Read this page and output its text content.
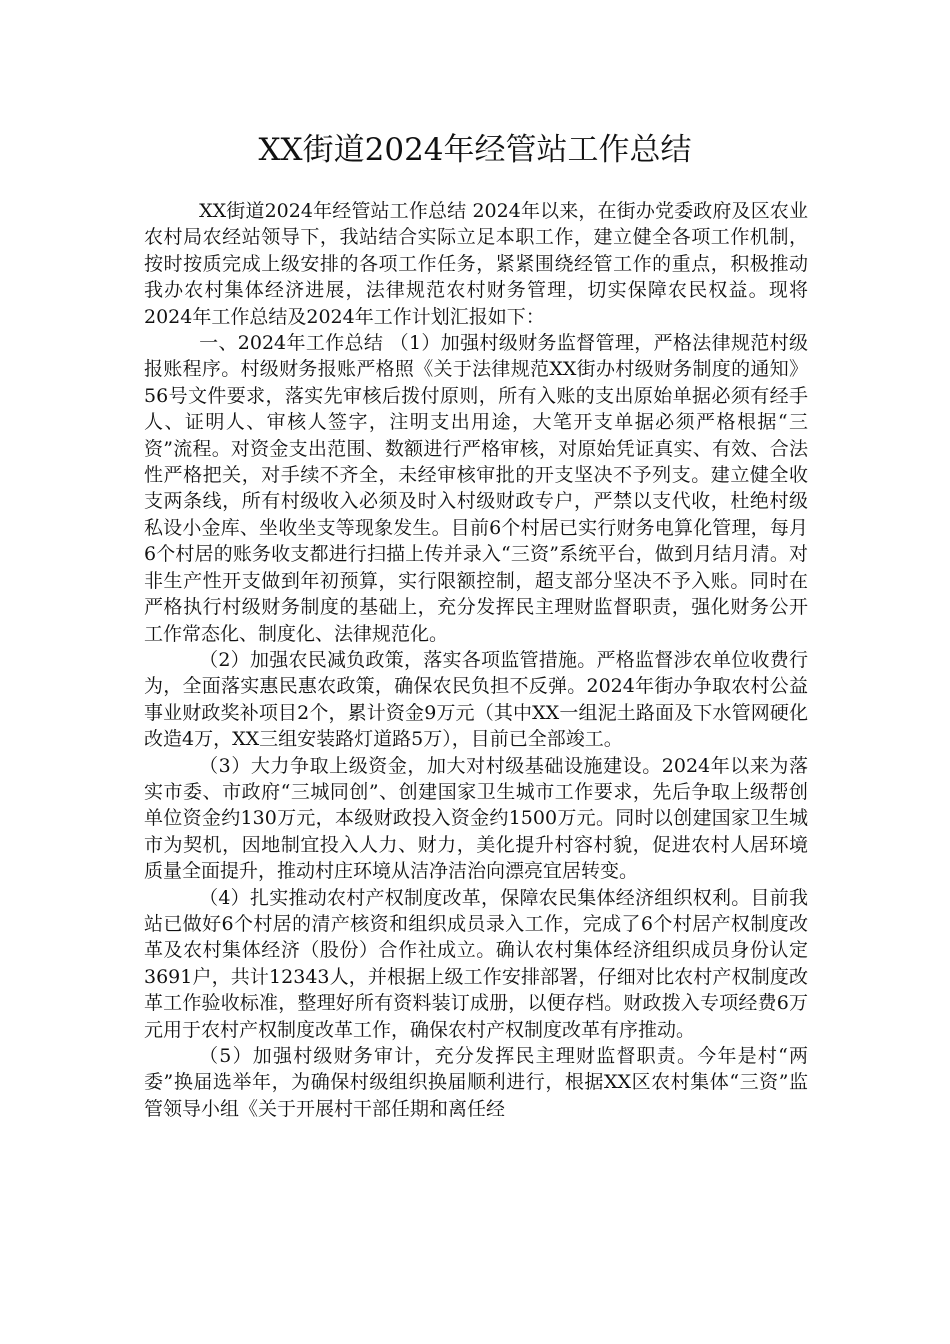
XX街道2024年经管站工作总结

XX街道2024年经管站工作总结 2024年以来，在街办党委政府及区农业农村局农经站领导下，我站结合实际立足本职工作，建立健全各项工作机制，按时按质完成上级安排的各项工作任务，紧紧围绕经管工作的重点，积极推动我办农村集体经济进展，法律规范农村财务管理，切实保障农民权益。现将2024年工作总结及2024年工作计划汇报如下：

一、2024年工作总结 （1）加强村级财务监督管理，严格法律规范村级报账程序。村级财务报账严格照《关于法律规范XX街办村级财务制度的通知》56号文件要求，落实先审核后拨付原则，所有入账的支出原始单据必须有经手人、证明人、审核人签字，注明支出用途，大笔开支单据必须严格根据“三资”流程。对资金支出范围、数额进行严格审核，对原始凭证真实、有效、合法性严格把关，对手续不齐全，未经审核审批的开支坚决不予列支。建立健全收支两条线，所有村级收入必须及时入村级财政专户，严禁以支代收，杜绝村级私设小金库、坐收坐支等现象发生。目前6个村居已实行财务电算化管理，每月6个村居的账务收支都进行扫描上传并录入“三资”系统平台，做到月结月清。对非生产性开支做到年初预算，实行限额控制，超支部分坚决不予入账。同时在严格执行村级财务制度的基础上，充分发挥民主理财监督职责，强化财务公开工作常态化、制度化、法律规范化。

（2）加强农民减负政策，落实各项监管措施。严格监督涉农单位收费行为，全面落实惠民惠农政策，确保农民负担不反弹。2024年街办争取农村公益事业财政奖补项目2个，累计资金9万元（其中XX一组泥土路面及下水管网硬化改造4万，XX三组安装路灯道路5万），目前已全部竣工。

（3）大力争取上级资金，加大对村级基础设施建设。2024年以来为落实市委、市政府“三城同创”、创建国家卫生城市工作要求，先后争取上级帮创单位资金约130万元，本级财政投入资金约1500万元。同时以创建国家卫生城市为契机，因地制宜投入人力、财力，美化提升村容村貌，促进农村人居环境质量全面提升，推动村庄环境从洁净洁治向漂亮宜居转变。

（4）扎实推动农村产权制度改革，保障农民集体经济组织权利。目前我站已做好6个村居的清产核资和组织成员录入工作，完成了6个村居产权制度改革及农村集体经济（股份）合作社成立。确认农村集体经济组织成员身份认定3691户，共计12343人，并根据上级工作安排部署，仔细对比农村产权制度改革工作验收标准，整理好所有资料装订成册，以便存档。财政拨入专项经费6万元用于农村产权制度改革工作，确保农村产权制度改革有序推动。

（5）加强村级财务审计，充分发挥民主理财监督职责。今年是村“两委”换届选举年，为确保村级组织换届顺利进行，根据XX区农村集体“三资”监管领导小组《关于开展村干部任期和离任经
